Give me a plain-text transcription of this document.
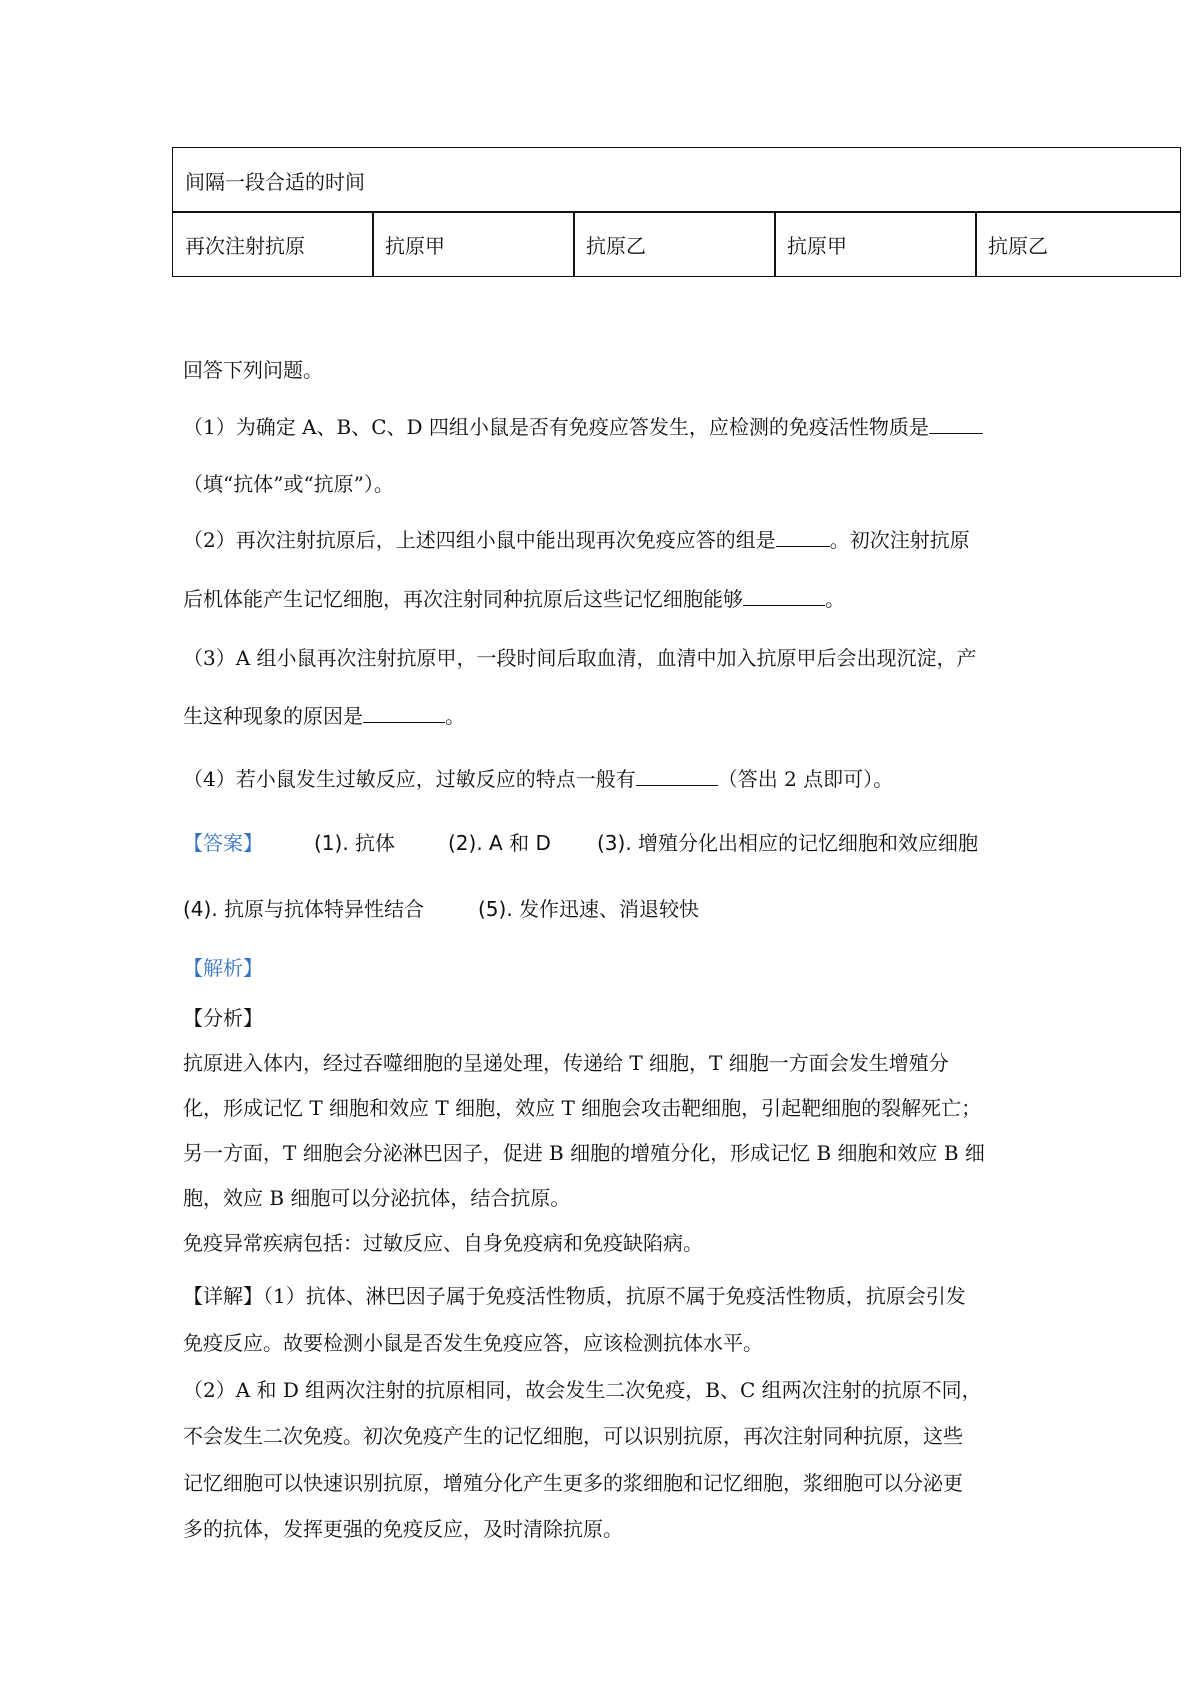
间隔一段合适的时间
再次注射抗原	抗原甲	抗原乙	抗原甲	抗原乙
回答下列问题。
（1）为确定 A、B、C、D 四组小鼠是否有免疫应答发生，应检测的免疫活性物质是
（填“抗体”或“抗原”）。
（2）再次注射抗原后，上述四组小鼠中能出现再次免疫应答的组是	。初次注射抗原
后机体能产生记忆细胞，再次注射同种抗原后这些记忆细胞能够	。
（3）A 组小鼠再次注射抗原甲，一段时间后取血清，血清中加入抗原甲后会出现沉淀，产
生这种现象的原因是	。
（4）若小鼠发生过敏反应，过敏反应的特点一般有	（答出 2 点即可）。
【答案】	(1). 抗体	(2). A 和 D (3). 增殖分化出相应的记忆细胞和效应细胞
(4). 抗原与抗体特异性结合	(5). 发作迅速、消退较快
【解析】
【分析】
抗原进入体内，经过吞噬细胞的呈递处理，传递给 T 细胞，T 细胞一方面会发生增殖分
化，形成记忆 T 细胞和效应 T 细胞，效应 T 细胞会攻击靶细胞，引起靶细胞的裂解死亡；
另一方面，T 细胞会分泌淋巴因子，促进 B 细胞的增殖分化，形成记忆 B 细胞和效应 B 细
胞，效应 B 细胞可以分泌抗体，结合抗原。
免疫异常疾病包括：过敏反应、自身免疫病和免疫缺陷病。
【详解】（1）抗体、淋巴因子属于免疫活性物质，抗原不属于免疫活性物质，抗原会引发
免疫反应。故要检测小鼠是否发生免疫应答，应该检测抗体水平。
（2）A 和 D 组两次注射的抗原相同，故会发生二次免疫，B、C 组两次注射的抗原不同，
不会发生二次免疫。初次免疫产生的记忆细胞，可以识别抗原，再次注射同种抗原，这些
记忆细胞可以快速识别抗原，增殖分化产生更多的浆细胞和记忆细胞，浆细胞可以分泌更
多的抗体，发挥更强的免疫反应，及时清除抗原。
